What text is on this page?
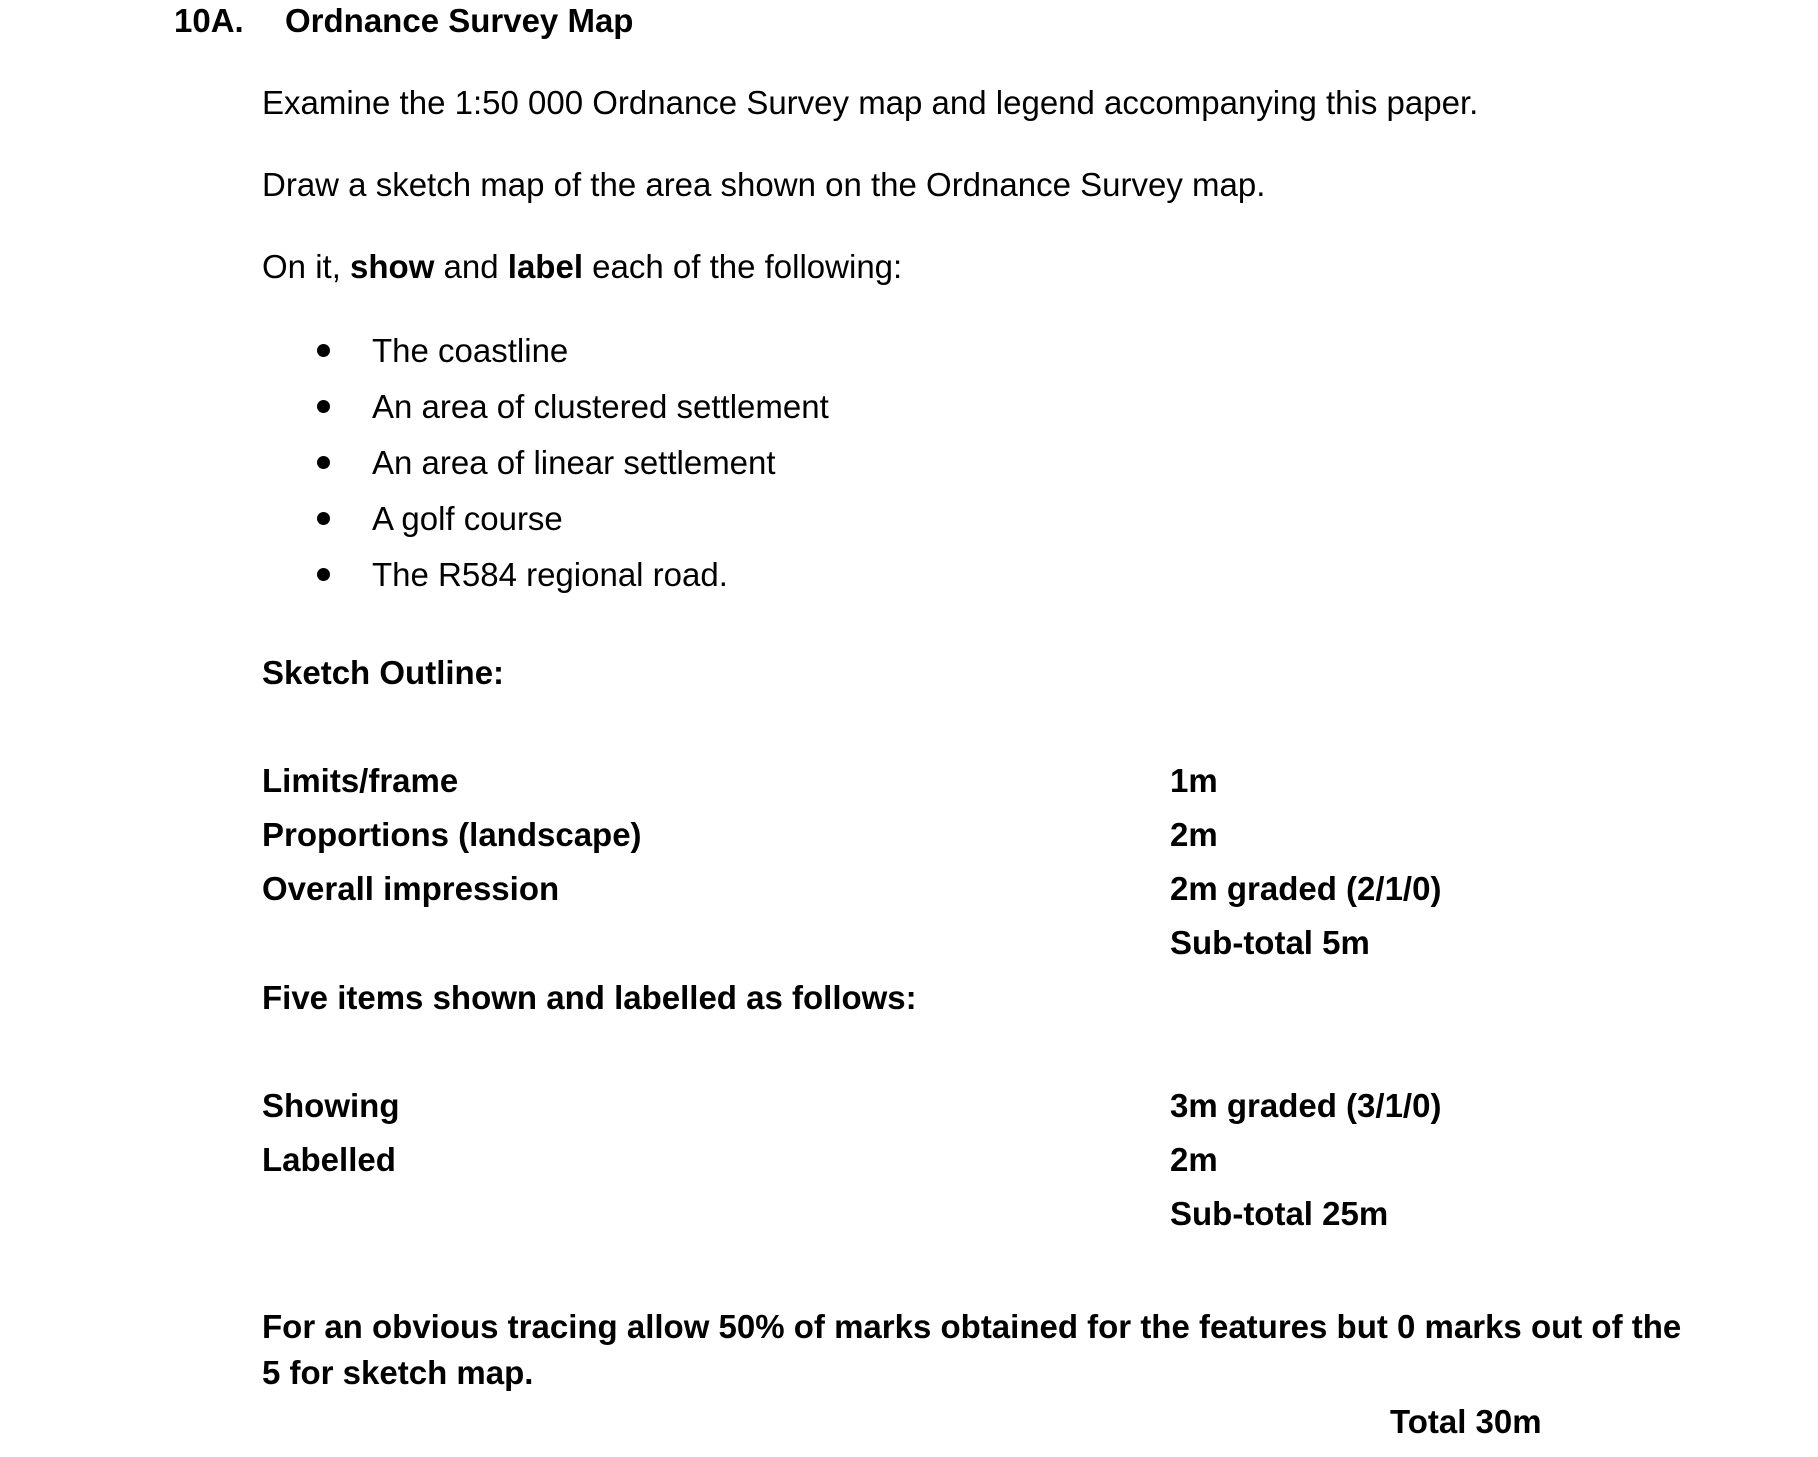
10A. Ordnance Survey Map
Examine the 1:50 000 Ordnance Survey map and legend accompanying this paper.
Draw a sketch map of the area shown on the Ordnance Survey map.
On it, show and label each of the following:
The coastline
An area of clustered settlement
An area of linear settlement
A golf course
The R584 regional road.
Sketch Outline:
Limits/frame	1m
Proportions (landscape)	2m
Overall impression	2m graded (2/1/0)
Sub-total 5m
Five items shown and labelled as follows:
Showing	3m graded (3/1/0)
Labelled	2m
Sub-total 25m
For an obvious tracing allow 50% of marks obtained for the features but 0 marks out of the 5 for sketch map.
Total 30m
